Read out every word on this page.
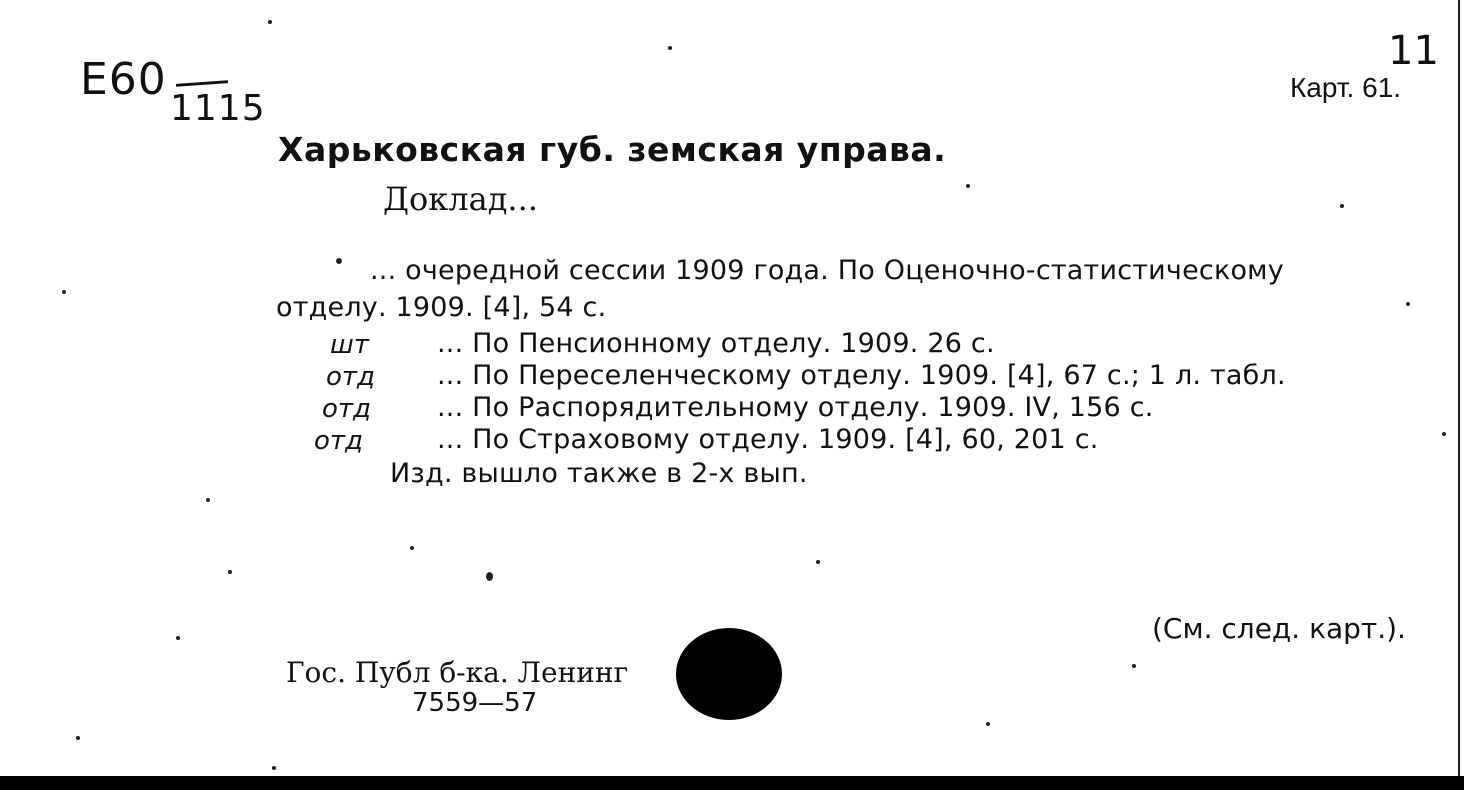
Е60
1115
11
Карт. 61.
Харьковская губ. земская управа.
Доклад...
... очередной сессии 1909 года. По Оценочно-статистическому
отделу. 1909. [4], 54 с.
... По Пенсионному отделу. 1909. 26 с.
... По Переселенческому отделу. 1909. [4], 67 с.; 1 л. табл.
... По Распорядительному отделу. 1909. IV, 156 с.
... По Страховому отделу. 1909. [4], 60, 201 с.
Изд. вышло также в 2-х вып.
шт
отд
отд
отд
(См. след. карт.).
Гос. Публ б-ка. Ленинг
7559—57
